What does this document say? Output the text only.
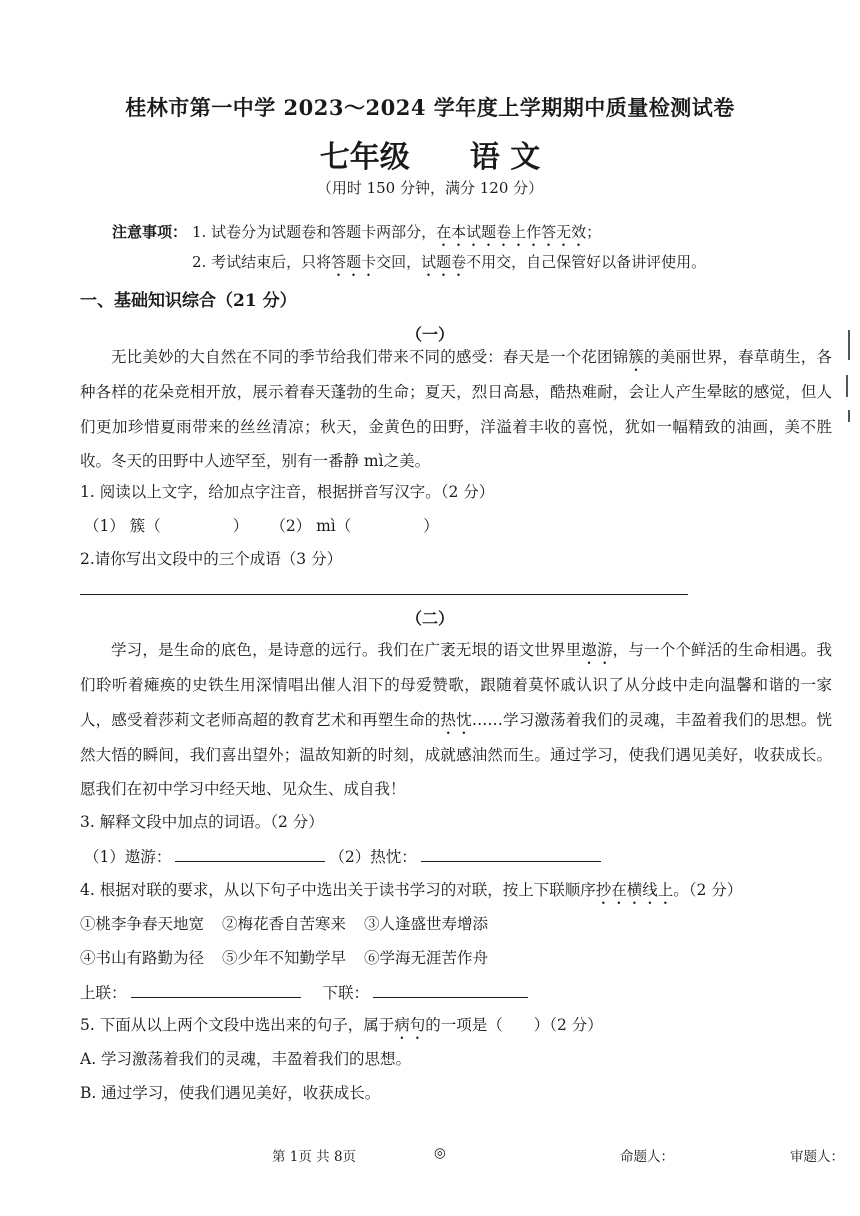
桂林市第一中学 2023～2024 学年度上学期期中质量检测试卷
七年级 语 文
（用时 150 分钟，满分 120 分）
注意事项： 1. 试卷分为试题卷和答题卡两部分，在本试题卷上作答无效；
2. 考试结束后，只将答题卡交回，试题卷不用交，自己保管好以备讲评使用。
一、基础知识综合（21 分）
（一）
无比美妙的大自然在不同的季节给我们带来不同的感受：春天是一个花团锦簇的美丽世界，春草萌生，各种各样的花朵竞相开放，展示着春天蓬勃的生命；夏天，烈日高悬，酷热难耐，会让人产生晕眩的感觉，但人们更加珍惜夏雨带来的丝丝清凉；秋天，金黄色的田野，洋溢着丰收的喜悦，犹如一幅精致的油画，美不胜收。冬天的田野中人迹罕至，别有一番静 mì之美。
1. 阅读以上文字，给加点字注音，根据拼音写汉字。（2 分）
（1） 簇（	） （2） mì（	）
2.请你写出文段中的三个成语（3 分）
（二）
学习，是生命的底色，是诗意的远行。我们在广袤无垠的语文世界里遨游，与一个个鲜活的生命相遇。我们聆听着瘫痪的史铁生用深情唱出催人泪下的母爱赞歌，跟随着莫怀戚认识了从分歧中走向温馨和谐的一家人，感受着莎莉文老师高超的教育艺术和再塑生命的热忱……学习激荡着我们的灵魂，丰盈着我们的思想。恍然大悟的瞬间，我们喜出望外；温故知新的时刻，成就感油然而生。通过学习，使我们遇见美好，收获成长。愿我们在初中学习中经天地、见众生、成自我！
3. 解释文段中加点的词语。（2 分）
（1）遨游：	（2）热忱：
4. 根据对联的要求，从以下句子中选出关于读书学习的对联，按上下联顺序抄在横线上。（2 分）
①桃李争春天地宽 ②梅花香自苦寒来 ③人逢盛世寿增添
④书山有路勤为径 ⑤少年不知勤学早 ⑥学海无涯苦作舟
上联：	下联：
5. 下面从以上两个文段中选出来的句子，属于病句的一项是（　　）（2 分）
A. 学习激荡着我们的灵魂，丰盈着我们的思想。
B. 通过学习，使我们遇见美好，收获成长。
第 1页 共 8页	◎	命题人：	审题人：
